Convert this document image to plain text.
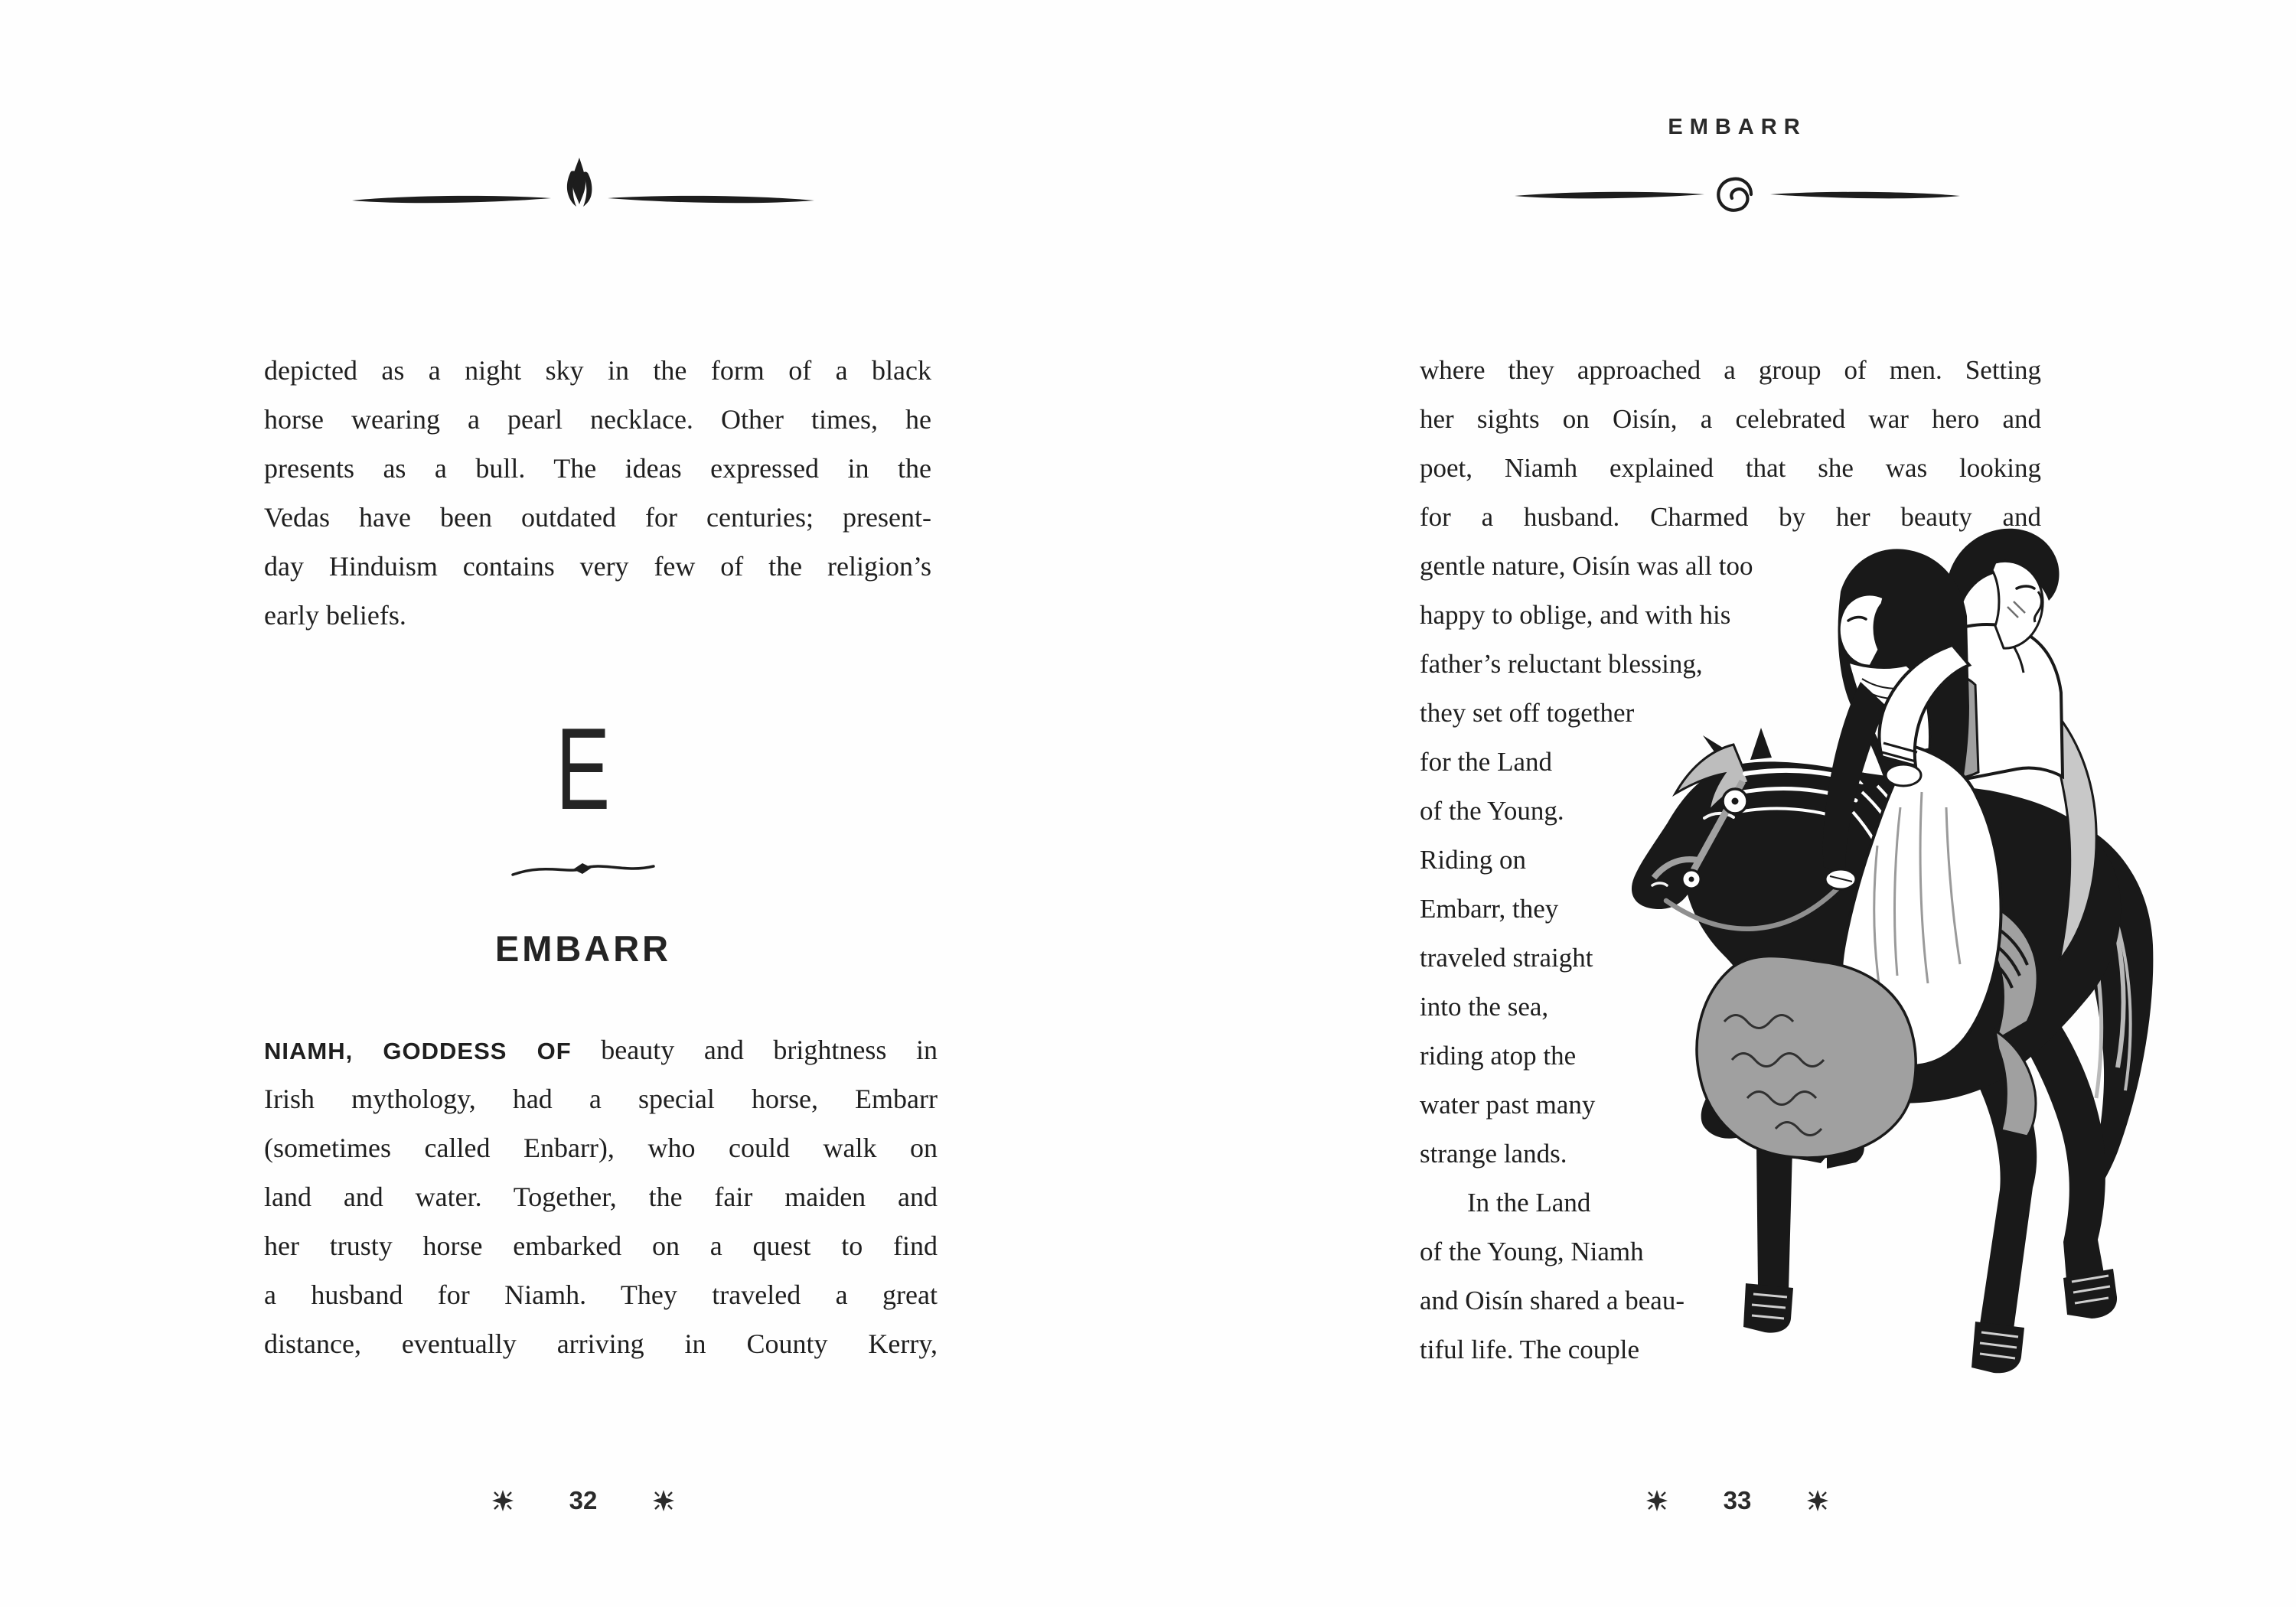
depicted as a night sky in the form of a black
horse wearing a pearl necklace. Other times, he
presents as a bull. The ideas expressed in the
Vedas have been outdated for centuries; present-
day Hinduism contains very few of the religion’s
early beliefs.
E
EMBARR
NIAMH, GODDESS OF beauty and brightness in
Irish mythology, had a special horse, Embarr
(sometimes called Enbarr), who could walk on
land and water. Together, the fair maiden and
her trusty horse embarked on a quest to find
a husband for Niamh. They traveled a great
distance, eventually arriving in County Kerry,
32
EMBARR
where they approached a group of men. Setting
her sights on Oisín, a celebrated war hero and
poet, Niamh explained that she was looking
for a husband. Charmed by her beauty and
gentle nature, Oisín was all too
happy to oblige, and with his
father’s reluctant blessing,
they set off together
for the Land
of the Young.
Riding on
Embarr, they
traveled straight
into the sea,
riding atop the
water past many
strange lands.
In the Land
of the Young, Niamh
and Oisín shared a beau-
tiful life. The couple
33
